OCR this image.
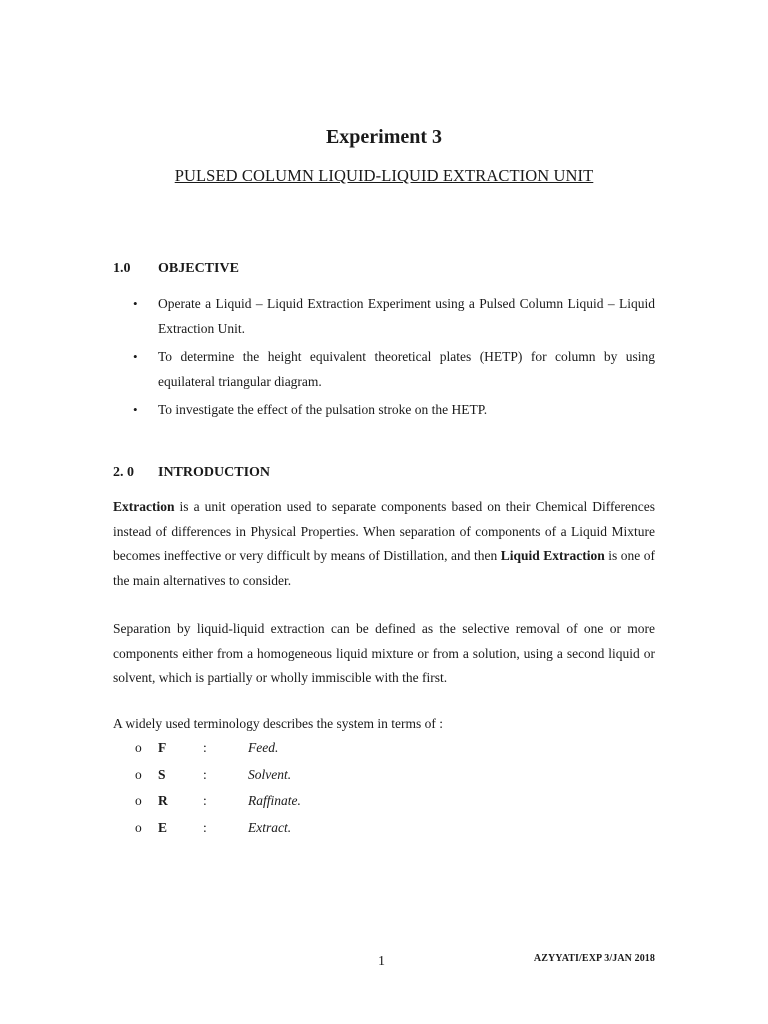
Experiment 3
PULSED COLUMN LIQUID-LIQUID EXTRACTION UNIT
1.0 OBJECTIVE
• Operate a Liquid – Liquid Extraction Experiment using a Pulsed Column Liquid – Liquid Extraction Unit.
• To determine the height equivalent theoretical plates (HETP) for column by using equilateral triangular diagram.
• To investigate the effect of the pulsation stroke on the HETP.
2. 0 INTRODUCTION

Extraction is a unit operation used to separate components based on their Chemical Differences instead of differences in Physical Properties. When separation of components of a Liquid Mixture becomes ineffective or very difficult by means of Distillation, and then Liquid Extraction is one of the main alternatives to consider.

Separation by liquid-liquid extraction can be defined as the selective removal of one or more components either from a homogeneous liquid mixture or from a solution, using a second liquid or solvent, which is partially or wholly immiscible with the first.

A widely used terminology describes the system in terms of :
o F	:	Feed.
o S	:	Solvent.
o R	:	Raffinate.
o E	:	Extract.
1	AZYYATI/EXP 3/JAN 2018
